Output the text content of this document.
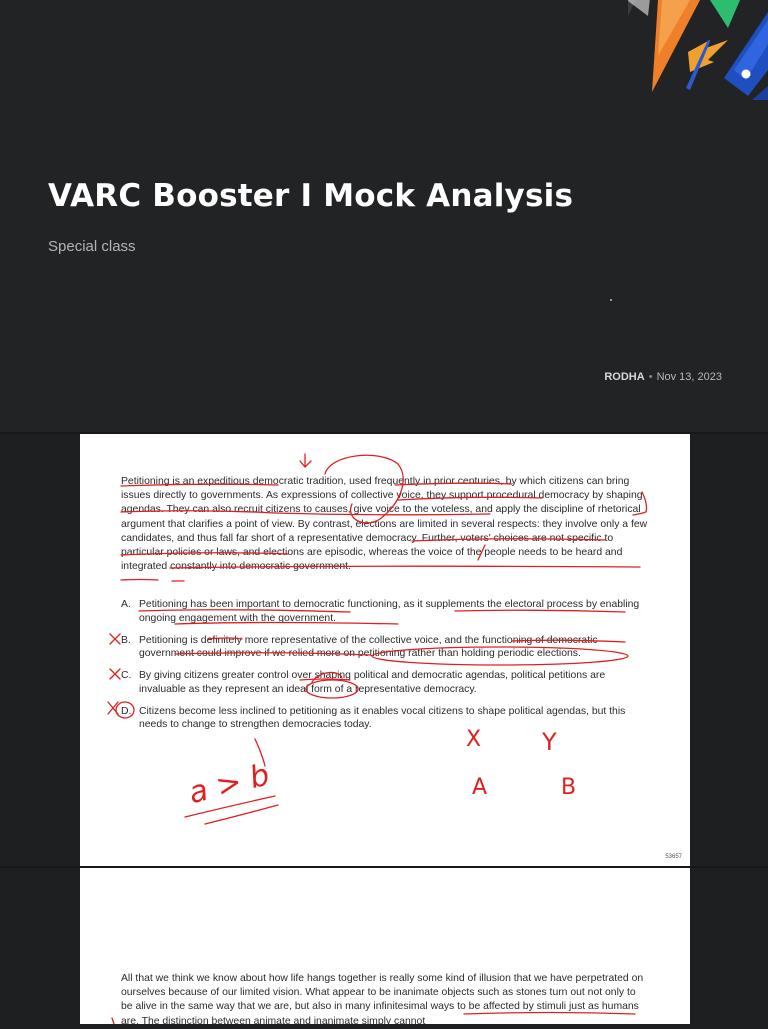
VARC Booster I Mock Analysis
Special class
RODHA • Nov 13, 2023

Petitioning is an expeditious democratic tradition, used frequently in prior centuries, by which citizens can bring issues directly to governments. As expressions of collective voice, they support procedural democracy by shaping agendas. They can also recruit citizens to causes, give voice to the voteless, and apply the discipline of rhetorical argument that clarifies a point of view. By contrast, elections are limited in several respects: they involve only a few candidates, and thus fall far short of a representative democracy. Further, voters' choices are not specific to particular policies or laws, and elections are episodic, whereas the voice of the people needs to be heard and integrated constantly into democratic government.

A. Petitioning has been important to democratic functioning, as it supplements the electoral process by enabling ongoing engagement with the government.
B. Petitioning is definitely more representative of the collective voice, and the functioning of democratic government could improve if we relied more on petitioning rather than holding periodic elections.
C. By giving citizens greater control over shaping political and democratic agendas, political petitions are invaluable as they represent an ideal form of a representative democracy.
D. Citizens become less inclined to petitioning as it enables vocal citizens to shape political agendas, but this needs to change to strengthen democracies today.
53657
a > b
X	Y
A	B

All that we think we know about how life hangs together is really some kind of illusion that we have perpetrated on ourselves because of our limited vision. What appear to be inanimate objects such as stones turn out not only to be alive in the same way that we are, but also in many infinitesimal ways to be affected by stimuli just as humans are. The distinction between animate and inanimate simply cannot
